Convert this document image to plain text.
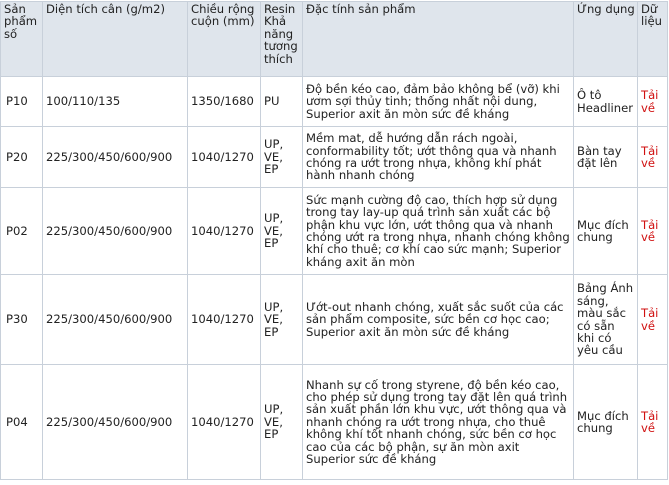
Sản phẩm số	Diện tích cân (g/m2)	Chiều rộng cuộn (mm)	Resin Khả năng tương thích	Đặc tính sản phẩm	Ứng dụng	Dữ liệu
P10	100/110/135	1350/1680	PU	Độ bền kéo cao, đảm bảo không bể (vỡ) khi ươm sợi thủy tinh; thống nhất nội dung, Superior axit ăn mòn sức đề kháng	Ô tô Headliner	Tải về
P20	225/300/450/600/900	1040/1270	UP, VE, EP	Mềm mat, dễ hướng dẫn rách ngoài, conformability tốt; ướt thông qua và nhanh chóng ra ướt trong nhựa, không khí phát hành nhanh chóng	Bàn tay đặt lên	Tải về
P02	225/300/450/600/900	1040/1270	UP, VE, EP	Sức mạnh cường độ cao, thích hợp sử dụng trong tay lay-up quá trình sản xuất các bộ phận khu vực lớn, ướt thông qua và nhanh chóng ướt ra trong nhựa, nhanh chóng không khí cho thuê; cơ khí cao sức mạnh; Superior kháng axit ăn mòn	Mục đích chung	Tải về
P30	225/300/450/600/900	1040/1270	UP, VE, EP	Ướt-out nhanh chóng, xuất sắc suốt của các sản phẩm composite, sức bền cơ học cao; Superior axit ăn mòn sức đề kháng	Bảng Ánh sáng, màu sắc có sẵn khi có yêu cầu	Tải về
P04	225/300/450/600/900	1040/1270	UP, VE, EP	Nhanh sự cố trong styrene, độ bền kéo cao, cho phép sử dụng trong tay đặt lên quá trình sản xuất phần lớn khu vực, ướt thông qua và nhanh chóng ra ướt trong nhựa, cho thuê không khí tốt nhanh chóng, sức bền cơ học cao của các bộ phận, sự ăn mòn axit Superior sức đề kháng	Mục đích chung	Tải về
